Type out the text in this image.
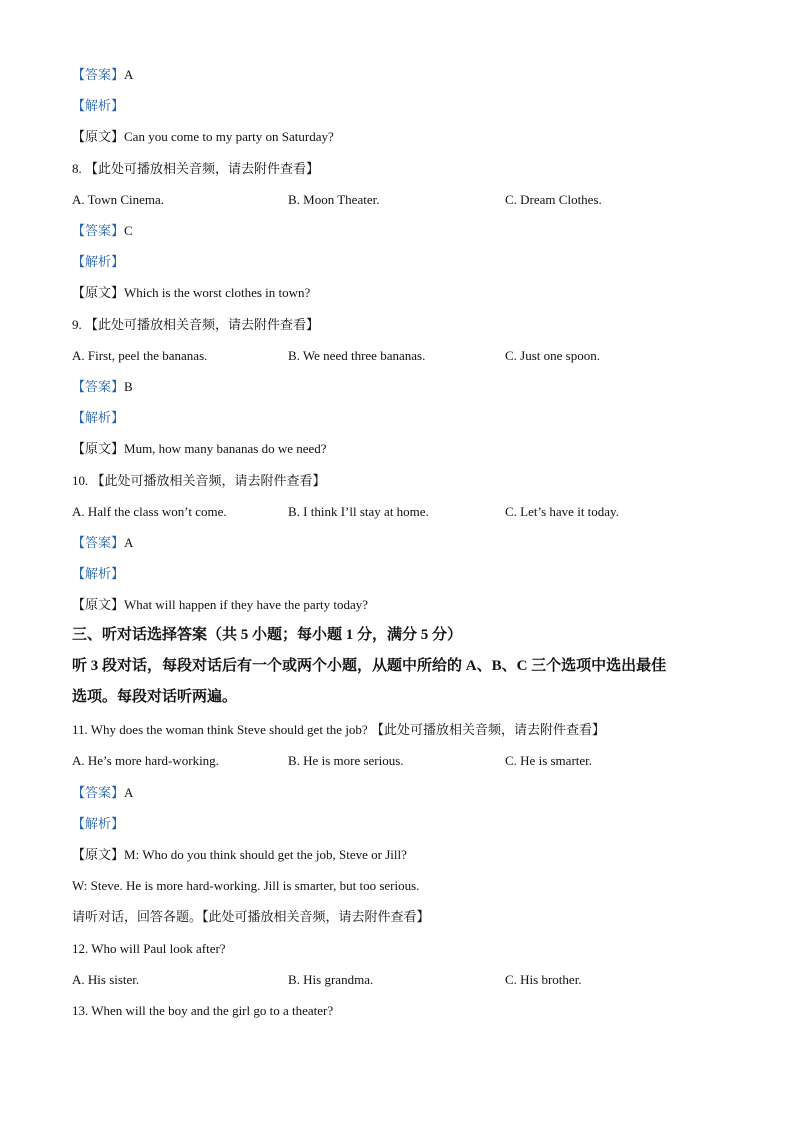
【答案】A
【解析】
【原文】Can you come to my party on Saturday?
8. 【此处可播放相关音频，请去附件查看】
A. Town Cinema.	B. Moon Theater.	C. Dream Clothes.
【答案】C
【解析】
【原文】Which is the worst clothes in town?
9. 【此处可播放相关音频，请去附件查看】
A. First, peel the bananas.	B. We need three bananas.	C. Just one spoon.
【答案】B
【解析】
【原文】Mum, how many bananas do we need?
10. 【此处可播放相关音频，请去附件查看】
A. Half the class won’t come.	B. I think I’ll stay at home.	C. Let’s have it today.
【答案】A
【解析】
【原文】What will happen if they have the party today?
三、听对话选择答案（共 5 小题；每小题 1 分，满分 5 分）
听 3 段对话，每段对话后有一个或两个小题，从题中所给的 A、B、C 三个选项中选出最佳
选项。每段对话听两遍。
11. Why does the woman think Steve should get the job? 【此处可播放相关音频，请去附件查看】
A. He’s more hard-working.	B. He is more serious.	C. He is smarter.
【答案】A
【解析】
【原文】M: Who do you think should get the job, Steve or Jill?
W: Steve. He is more hard-working. Jill is smarter, but too serious.
请听对话，回答各题。【此处可播放相关音频，请去附件查看】
12. Who will Paul look after?
A. His sister.	B. His grandma.	C. His brother.
13. When will the boy and the girl go to a theater?
